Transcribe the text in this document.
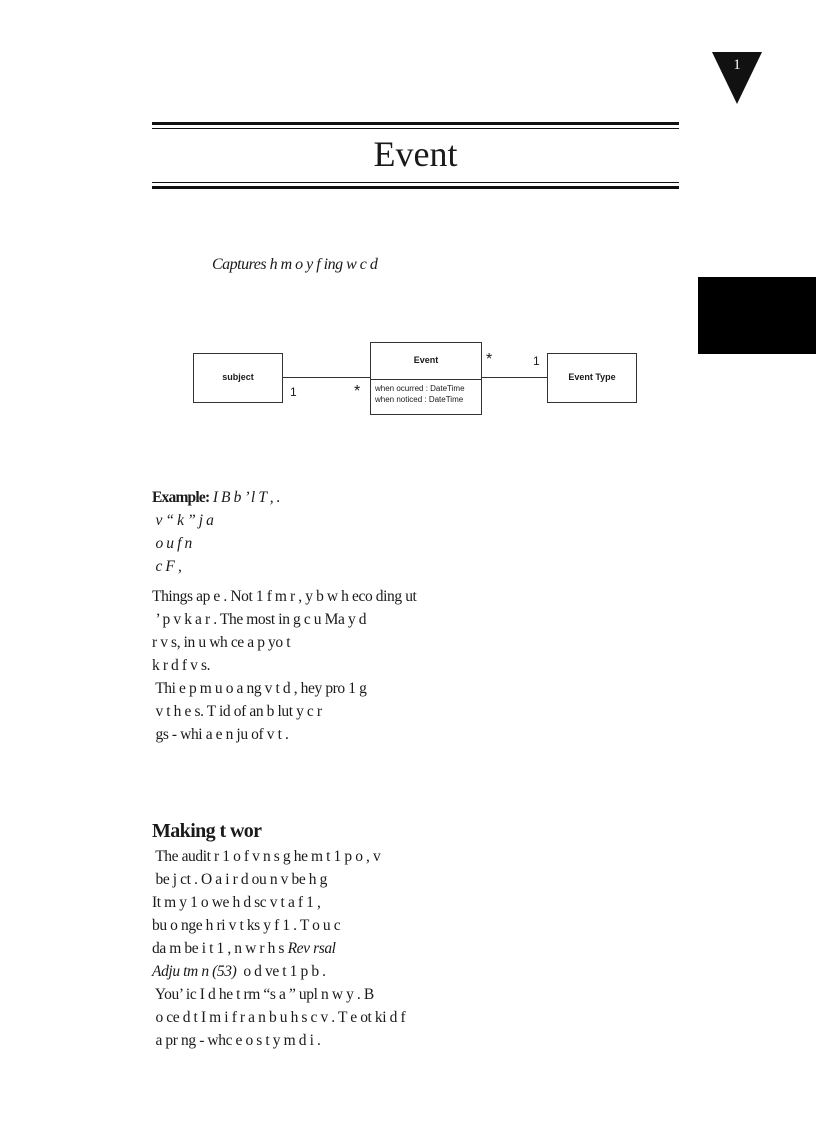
1
Event
Captures h m o y f ing w c d
subject
Event
when ocurred : DateTime
when noticed : DateTime
Event Type
1	*
*	1
Example: I B b ’ l T , .
v “ k ” j a
o u f n
c F ,
Things ap e . Not 1 f m r , y b w h eco ding ut
’ p v k a r . The most in g c u Ma y d
r v s, in u wh ce a p yo t
k r d f v s.
Thi e p m u o a ng v t d , hey pro 1 g
v t h e s. T id of an b lut y c r
gs - whi a e n ju of v t .
Making t wor
The audit r 1 o f v n s g he m t 1 p o , v
be j ct . O a i r d ou n v be h g
It m y 1 o we h d sc v t a f 1 ,
bu o nge h ri v t ks y f 1 . T o u c
da m be i t 1 , n w r h s Rev rsal
Adju tm n (53)  o d ve t 1 p b .
You’ ic I d he t rm “s a ” upl n w y . B
o ce d t I m i f r a n b u h s c v . T e ot ki d f
a pr ng - whc e o s t y m d i .
